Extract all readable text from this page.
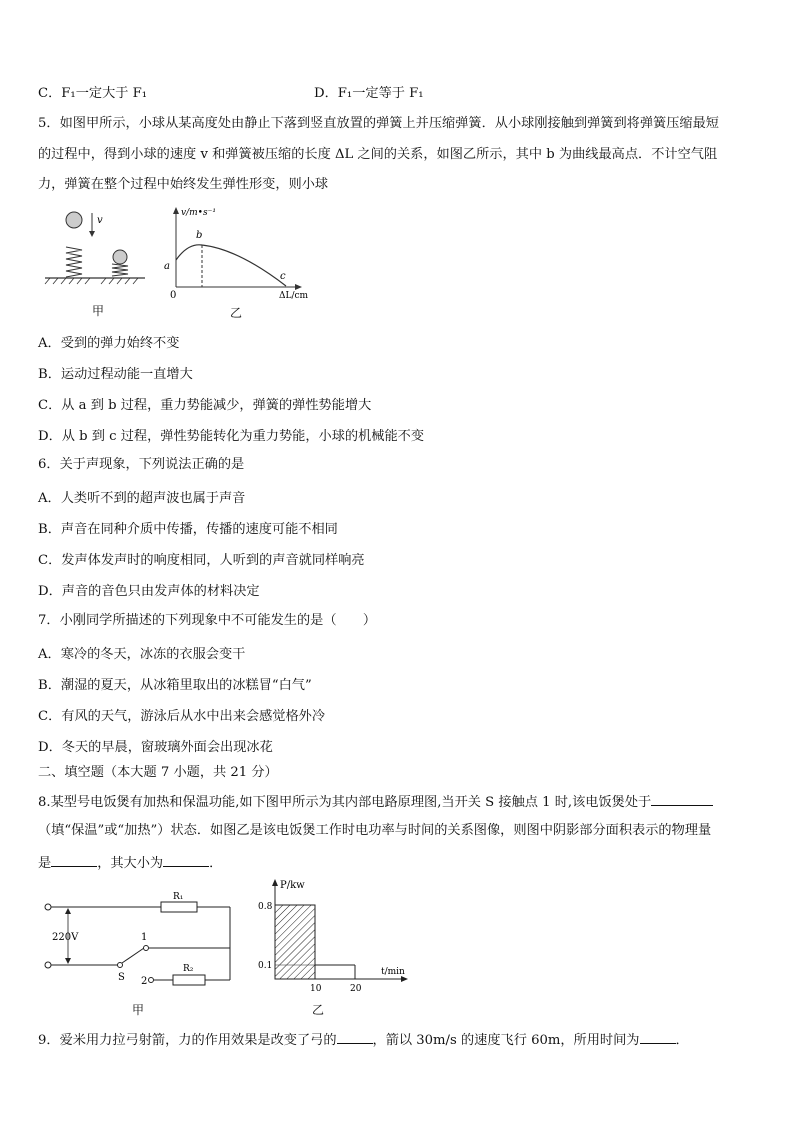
C．F₁一定大于 F₁	D．F₁一定等于 F₁
5．如图甲所示，小球从某高度处由静止下落到竖直放置的弹簧上并压缩弹簧．从小球刚接触到弹簧到将弹簧压缩最短
的过程中，得到小球的速度 v 和弹簧被压缩的长度 ΔL 之间的关系，如图乙所示，其中 b 为曲线最高点．不计空气阻
力，弹簧在整个过程中始终发生弹性形变，则小球
v
甲
v/m•s⁻¹
a
b
c
0	ΔL/cm
乙
A．受到的弹力始终不变
B．运动过程动能一直增大
C．从 a 到 b 过程，重力势能减少，弹簧的弹性势能增大
D．从 b 到 c 过程，弹性势能转化为重力势能，小球的机械能不变
6．关于声现象，下列说法正确的是
A．人类听不到的超声波也属于声音
B．声音在同种介质中传播，传播的速度可能不相同
C．发声体发声时的响度相同，人听到的声音就同样响亮
D．声音的音色只由发声体的材料决定
7．小刚同学所描述的下列现象中不可能发生的是（　　）
A．寒冷的冬天，冰冻的衣服会变干
B．潮湿的夏天，从冰箱里取出的冰糕冒“白气”
C．有风的天气，游泳后从水中出来会感觉格外冷
D．冬天的早晨，窗玻璃外面会出现冰花
二、填空题（本大题 7 小题，共 21 分）
8.某型号电饭煲有加热和保温功能,如下图甲所示为其内部电路原理图,当开关 S 接触点 1 时,该电饭煲处于
（填“保温”或“加热”）状态．如图乙是该电饭煲工作时电功率与时间的关系图像，则图中阴影部分面积表示的物理量
是	，其大小为	．
R₁
220V
S
1
2
R₂
甲
P/kw
t/min
0.8
0.1
10	20
乙
9．爱米用力拉弓射箭，力的作用效果是改变了弓的	，箭以 30m/s 的速度飞行 60m，所用时间为	．
